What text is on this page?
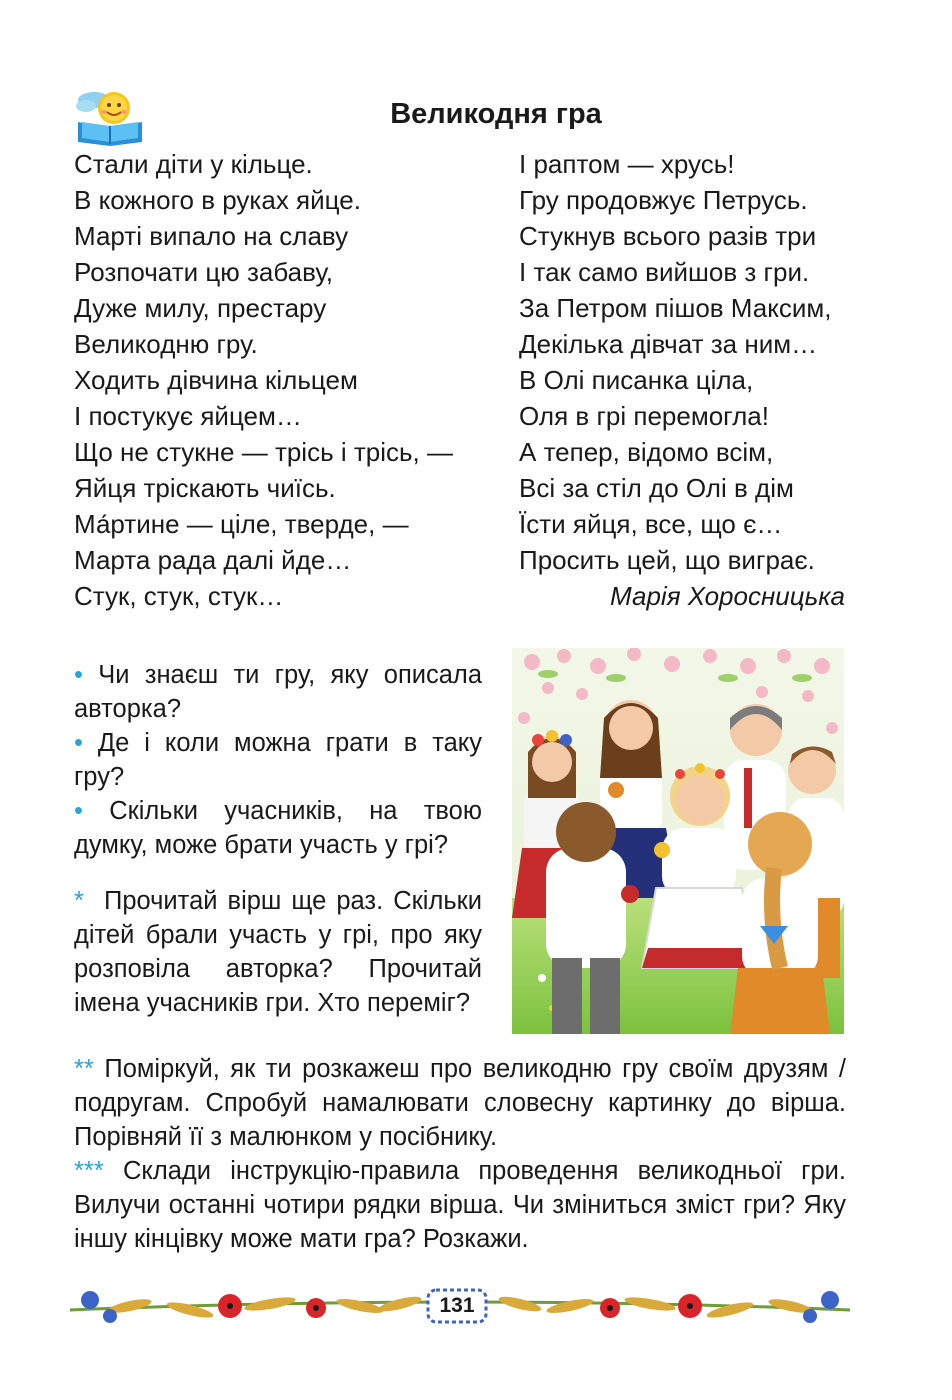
Великодня гра
Стали діти у кільце.
В кожного в руках яйце.
Марті випало на славу
Розпочати цю забаву,
Дуже милу, престару
Великодню гру.
Ходить дівчина кільцем
І постукує яйцем…
Що не стукне — трісь і трісь, —
Яйця тріскають чиїсь.
Ма́ртине — ціле, тверде, —
Марта рада далі йде…
Стук, стук, стук…
І раптом — хрусь!
Гру продовжує Петрусь.
Стукнув всього разів три
І так само вийшов з гри.
За Петром пішов Максим,
Декілька дівчат за ним…
В Олі писанка ціла,
Оля в грі перемогла!
А тепер, відомо всім,
Всі за стіл до Олі в дім
Їсти яйця, все, що є…
Просить цей, що виграє.
Марія Хоросницька

• Чи знаєш ти гру, яку описала авторка?

• Де і коли можна грати в таку гру?

• Скільки учасників, на твою думку, може брати участь у грі?

* Прочитай вірш ще раз. Скільки дітей брали участь у грі, про яку розповіла авторка? Прочитай імена учасників гри. Хто переміг?
** Поміркуй, як ти розкажеш про великодню гру своїм друзям / подругам. Спробуй намалювати словесну картинку до вірша. Порівняй її з малюнком у посібнику.
*** Склади інструкцію-правила проведення великодньої гри. Вилучи останні чотири рядки вірша. Чи зміниться зміст гри? Яку іншу кінцівку може мати гра? Розкажи.
131
